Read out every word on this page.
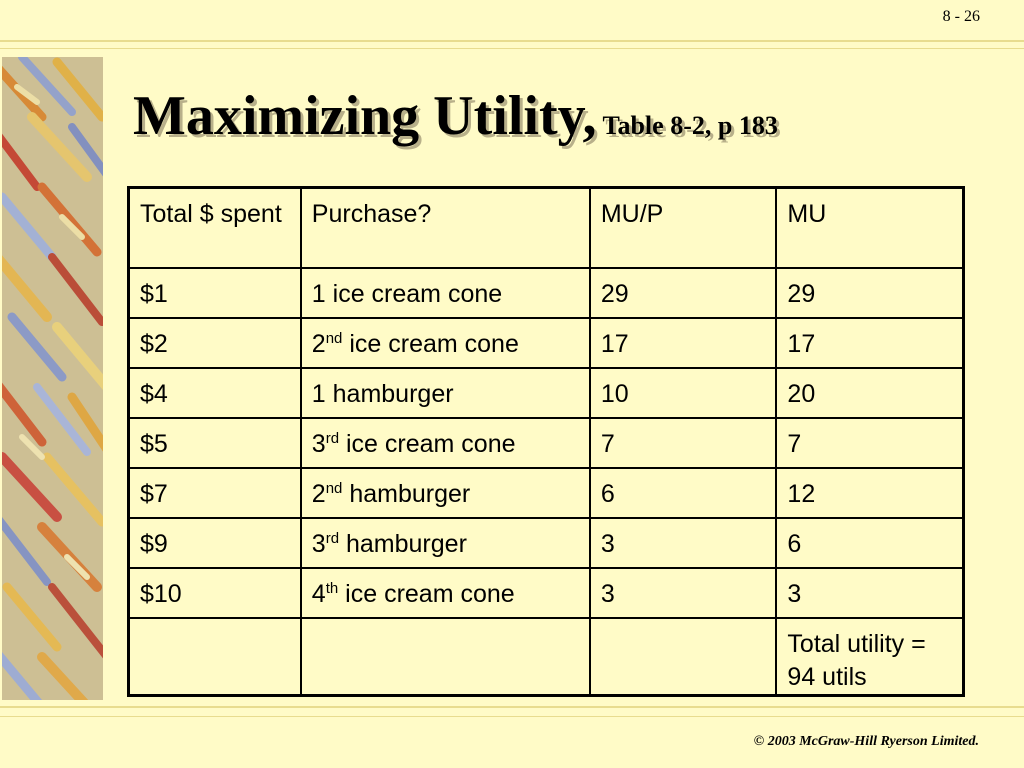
8 - 26
Maximizing Utility, Table 8-2, p 183
Total $ spent	Purchase?	MU/P	MU
$1	1 ice cream cone	29	29
$2	2nd ice cream cone	17	17
$4	1 hamburger	10	20
$5	3rd ice cream cone	7	7
$7	2nd hamburger	6	12
$9	3rd hamburger	3	6
$10	4th ice cream cone	3	3
			Total utility = 94 utils
© 2003 McGraw-Hill Ryerson Limited.
